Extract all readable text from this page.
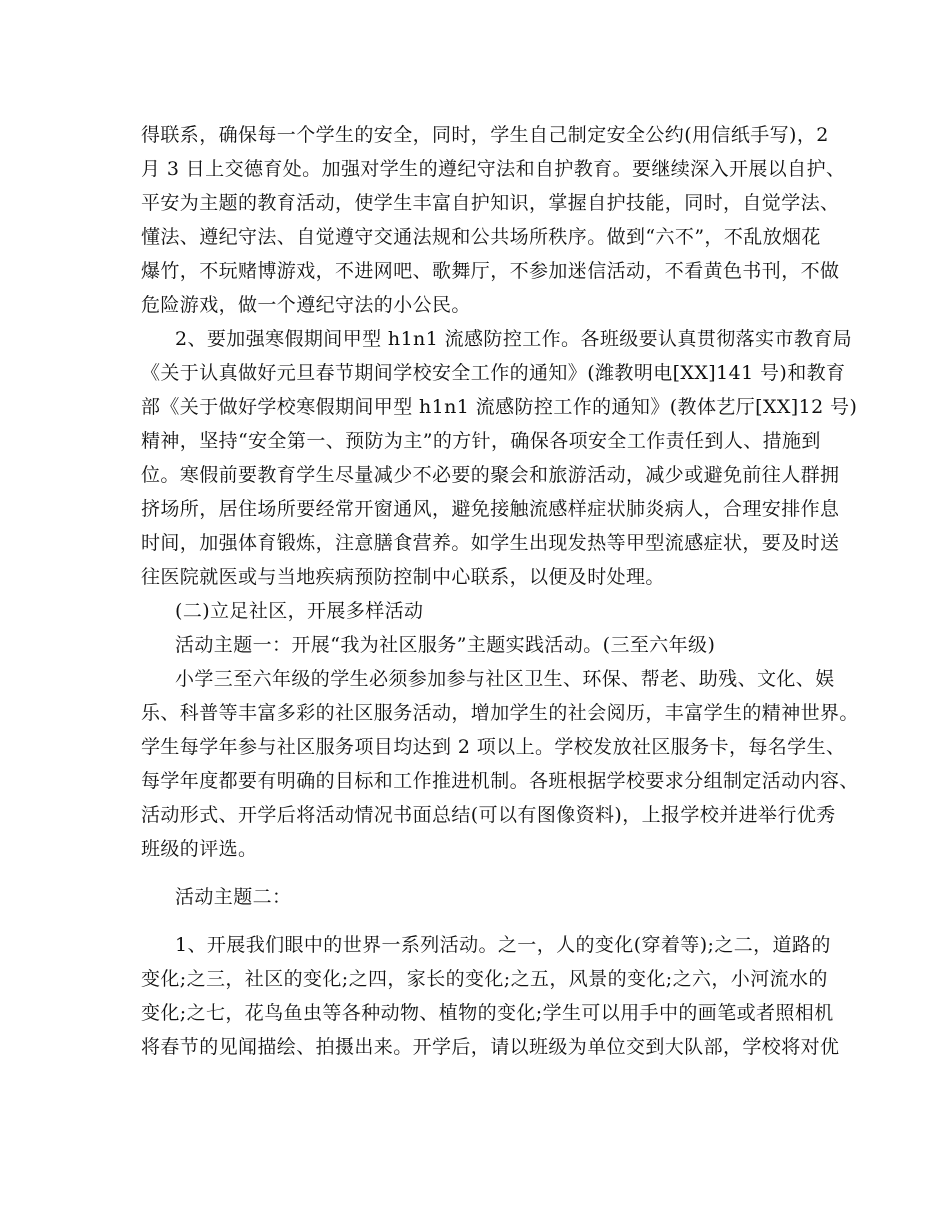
得联系，确保每一个学生的安全，同时，学生自己制定安全公约(用信纸手写)，2
月 3 日上交德育处。加强对学生的遵纪守法和自护教育。要继续深入开展以自护、
平安为主题的教育活动，使学生丰富自护知识，掌握自护技能，同时，自觉学法、
懂法、遵纪守法、自觉遵守交通法规和公共场所秩序。做到“六不”，不乱放烟花
爆竹，不玩赌博游戏，不进网吧、歌舞厅，不参加迷信活动，不看黄色书刊，不做
危险游戏，做一个遵纪守法的小公民。
2、要加强寒假期间甲型 h1n1 流感防控工作。各班级要认真贯彻落实市教育局
《关于认真做好元旦春节期间学校安全工作的通知》(潍教明电[XX]141 号)和教育
部《关于做好学校寒假期间甲型 h1n1 流感防控工作的通知》(教体艺厅[XX]12 号)
精神，坚持“安全第一、预防为主”的方针，确保各项安全工作责任到人、措施到
位。寒假前要教育学生尽量减少不必要的聚会和旅游活动，减少或避免前往人群拥
挤场所，居住场所要经常开窗通风，避免接触流感样症状肺炎病人，合理安排作息
时间，加强体育锻炼，注意膳食营养。如学生出现发热等甲型流感症状，要及时送
往医院就医或与当地疾病预防控制中心联系，以便及时处理。
(二)立足社区，开展多样活动
活动主题一：开展“我为社区服务”主题实践活动。(三至六年级)
小学三至六年级的学生必须参加参与社区卫生、环保、帮老、助残、文化、娱
乐、科普等丰富多彩的社区服务活动，增加学生的社会阅历，丰富学生的精神世界。
学生每学年参与社区服务项目均达到 2 项以上。学校发放社区服务卡，每名学生、
每学年度都要有明确的目标和工作推进机制。各班根据学校要求分组制定活动内容、
活动形式、开学后将活动情况书面总结(可以有图像资料)，上报学校并进举行优秀
班级的评选。
活动主题二：
1、开展我们眼中的世界一系列活动。之一，人的变化(穿着等);之二，道路的
变化;之三，社区的变化;之四，家长的变化;之五，风景的变化;之六，小河流水的
变化;之七，花鸟鱼虫等各种动物、植物的变化;学生可以用手中的画笔或者照相机
将春节的见闻描绘、拍摄出来。开学后，请以班级为单位交到大队部，学校将对优
